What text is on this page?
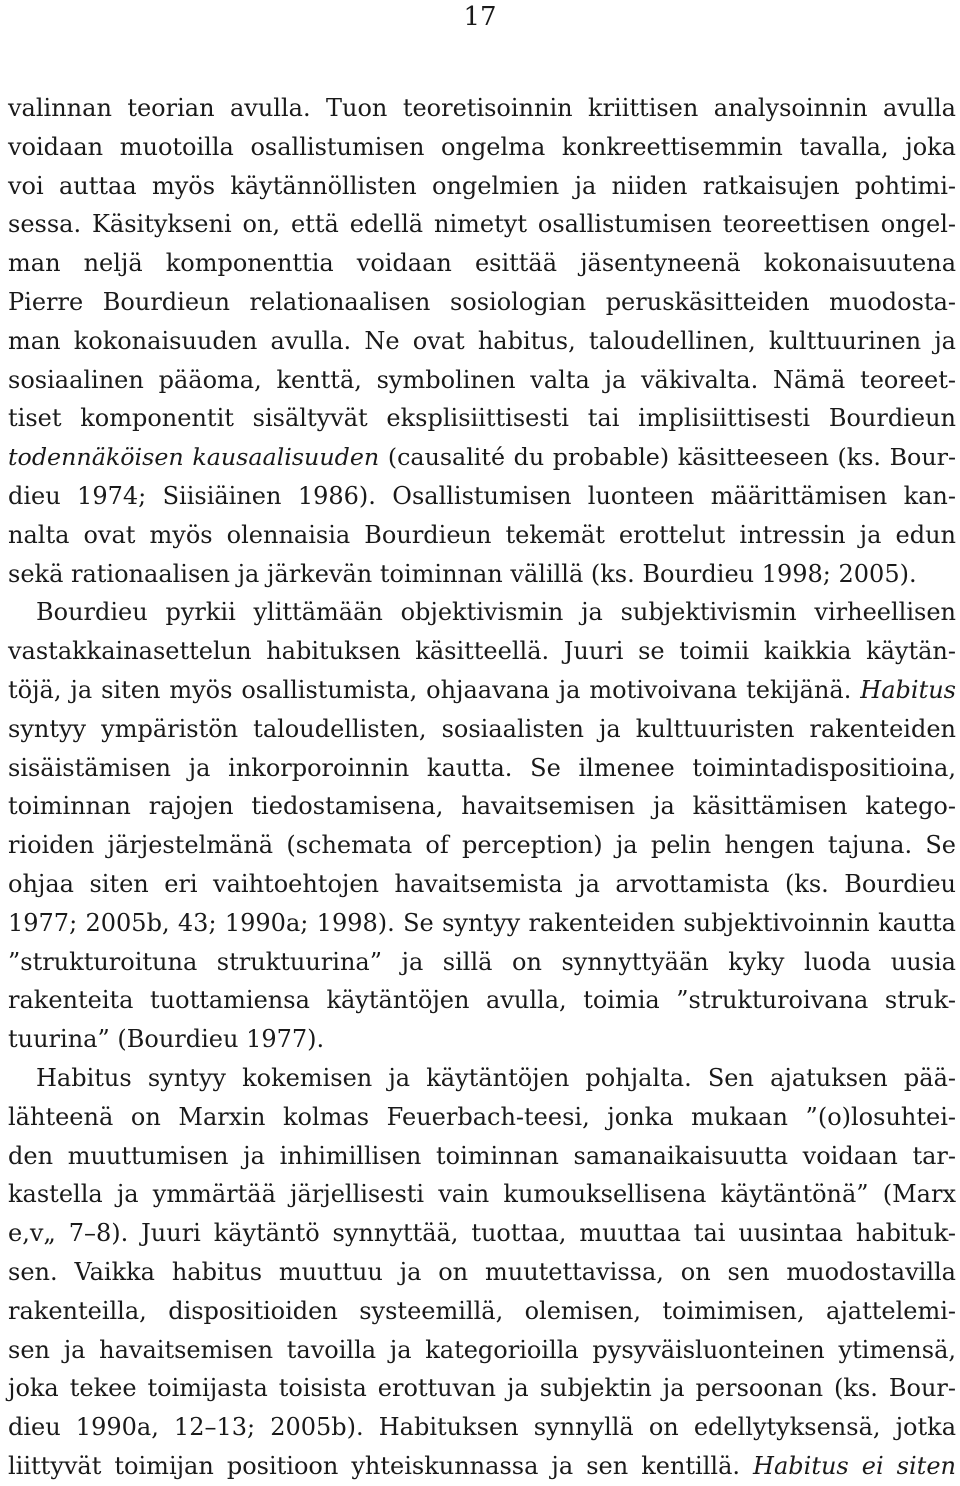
17
valinnan teorian avulla. Tuon teoretisoinnin kriittisen analysoinnin avulla
voidaan muotoilla osallistumisen ongelma konkreettisemmin tavalla, joka
voi auttaa myös käytännöllisten ongelmien ja niiden ratkaisujen pohtimi-
sessa. Käsitykseni on, että edellä nimetyt osallistumisen teoreettisen ongel-
man neljä komponenttia voidaan esittää jäsentyneenä kokonaisuutena
Pierre Bourdieun relationaalisen sosiologian peruskäsitteiden muodosta-
man kokonaisuuden avulla. Ne ovat habitus, taloudellinen, kulttuurinen ja
sosiaalinen pääoma, kenttä, symbolinen valta ja väkivalta. Nämä teoreet-
tiset komponentit sisältyvät eksplisiittisesti tai implisiittisesti Bourdieun
todennäköisen kausaalisuuden (causalité du probable) käsitteeseen (ks. Bour-
dieu 1974; Siisiäinen 1986). Osallistumisen luonteen määrittämisen kan-
nalta ovat myös olennaisia Bourdieun tekemät erottelut intressin ja edun
sekä rationaalisen ja järkevän toiminnan välillä (ks. Bourdieu 1998; 2005).
Bourdieu pyrkii ylittämään objektivismin ja subjektivismin virheellisen
vastakkainasettelun habituksen käsitteellä. Juuri se toimii kaikkia käytän-
töjä, ja siten myös osallistumista, ohjaavana ja motivoivana tekijänä. Habitus
syntyy ympäristön taloudellisten, sosiaalisten ja kulttuuristen rakenteiden
sisäistämisen ja inkorporoinnin kautta. Se ilmenee toimintadispositioina,
toiminnan rajojen tiedostamisena, havaitsemisen ja käsittämisen katego-
rioiden järjestelmänä (schemata of perception) ja pelin hengen tajuna. Se
ohjaa siten eri vaihtoehtojen havaitsemista ja arvottamista (ks. Bourdieu
1977; 2005b, 43; 1990a; 1998). Se syntyy rakenteiden subjektivoinnin kautta
”strukturoituna struktuurina” ja sillä on synnyttyään kyky luoda uusia
rakenteita tuottamiensa käytäntöjen avulla, toimia ”strukturoivana struk-
tuurina” (Bourdieu 1977).
Habitus syntyy kokemisen ja käytäntöjen pohjalta. Sen ajatuksen pää-
lähteenä on Marxin kolmas Feuerbach-teesi, jonka mukaan ”(o)losuhtei-
den muuttumisen ja inhimillisen toiminnan samanaikaisuutta voidaan tar-
kastella ja ymmärtää järjellisesti vain kumouksellisena käytäntönä” (Marx
e,v„ 7–8). Juuri käytäntö synnyttää, tuottaa, muuttaa tai uusintaa habituk-
sen. Vaikka habitus muuttuu ja on muutettavissa, on sen muodostavilla
rakenteilla, dispositioiden systeemillä, olemisen, toimimisen, ajattelemi-
sen ja havaitsemisen tavoilla ja kategorioilla pysyväisluonteinen ytimensä,
joka tekee toimijasta toisista erottuvan ja subjektin ja persoonan (ks. Bour-
dieu 1990a, 12–13; 2005b). Habituksen synnyllä on edellytyksensä, jotka
liittyvät toimijan positioon yhteiskunnassa ja sen kentillä. Habitus ei siten
